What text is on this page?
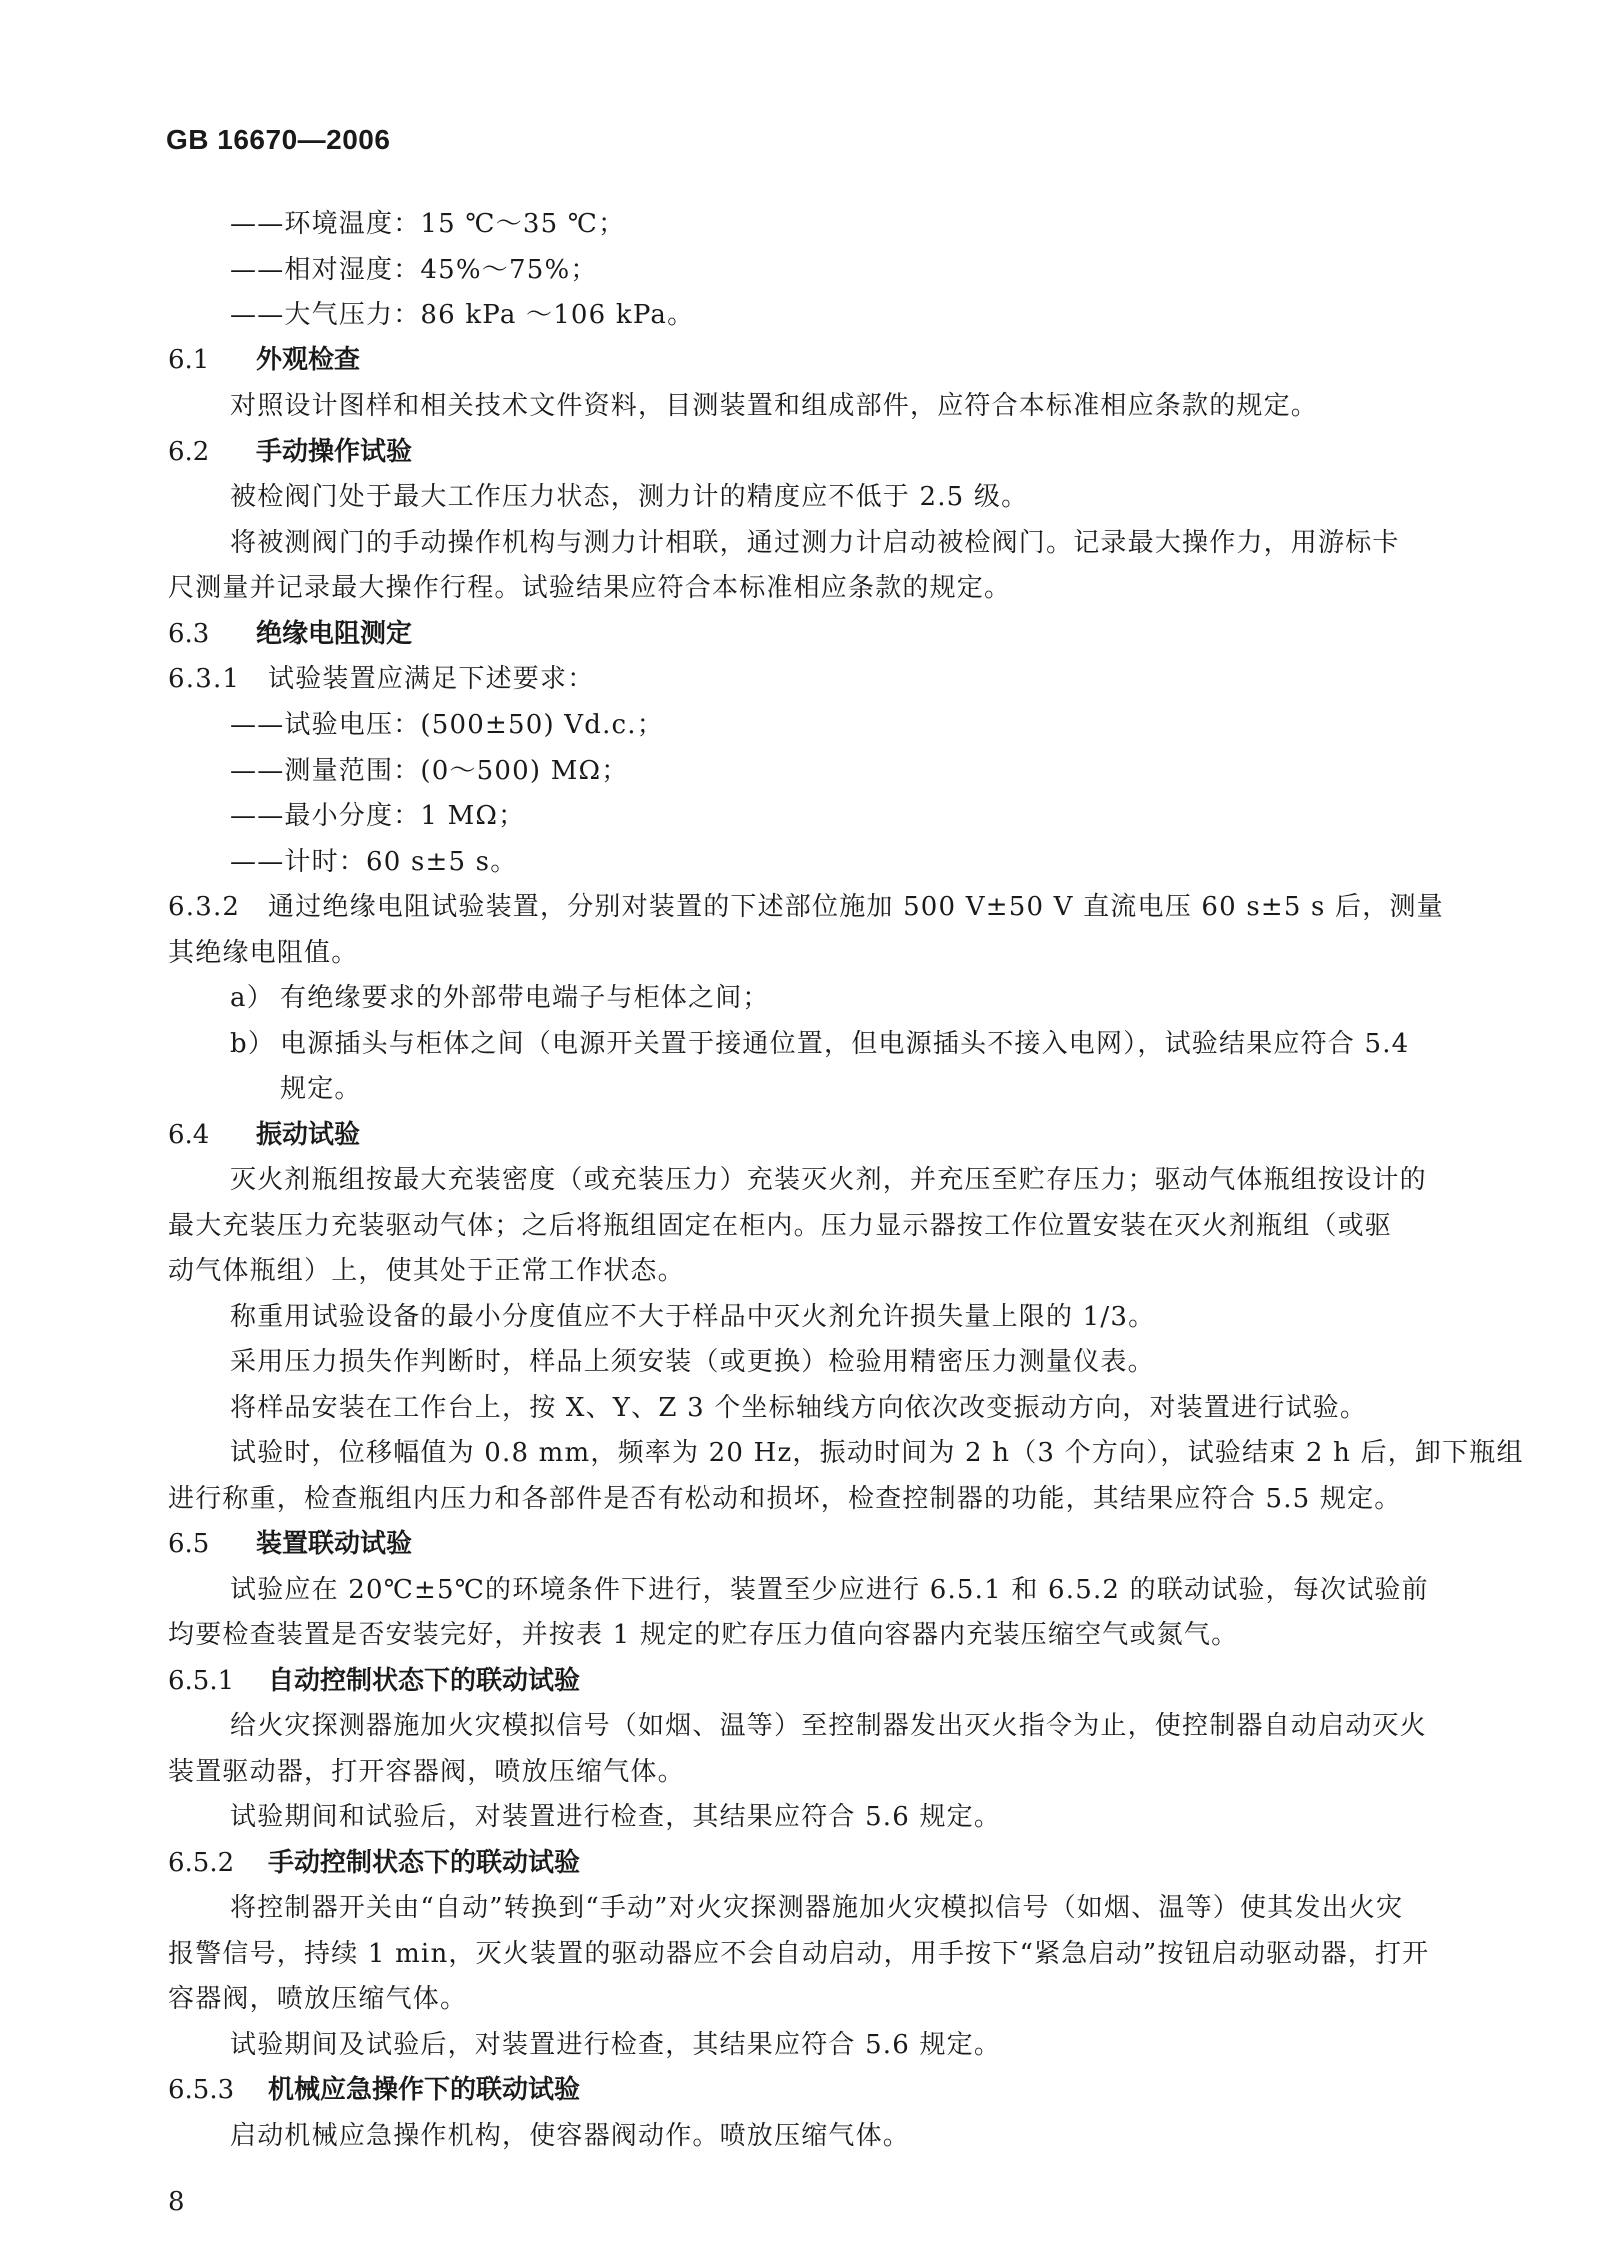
GB 16670—2006
——环境温度：15 ℃～35 ℃；
——相对湿度：45%～75%；
——大气压力：86 kPa ～106 kPa。
6.1 外观检查
对照设计图样和相关技术文件资料，目测装置和组成部件，应符合本标准相应条款的规定。
6.2 手动操作试验
被检阀门处于最大工作压力状态，测力计的精度应不低于 2.5 级。
将被测阀门的手动操作机构与测力计相联，通过测力计启动被检阀门。记录最大操作力，用游标卡
尺测量并记录最大操作行程。试验结果应符合本标准相应条款的规定。
6.3 绝缘电阻测定
6.3.1 试验装置应满足下述要求：
——试验电压：(500±50) Vd.c.；
——测量范围：(0～500) MΩ；
——最小分度：1 MΩ；
——计时：60 s±5 s。
6.3.2 通过绝缘电阻试验装置，分别对装置的下述部位施加 500 V±50 V 直流电压 60 s±5 s 后，测量
其绝缘电阻值。
a） 有绝缘要求的外部带电端子与柜体之间；
b） 电源插头与柜体之间（电源开关置于接通位置，但电源插头不接入电网），试验结果应符合 5.4
规定。
6.4 振动试验
灭火剂瓶组按最大充装密度（或充装压力）充装灭火剂，并充压至贮存压力；驱动气体瓶组按设计的
最大充装压力充装驱动气体；之后将瓶组固定在柜内。压力显示器按工作位置安装在灭火剂瓶组（或驱
动气体瓶组）上，使其处于正常工作状态。
称重用试验设备的最小分度值应不大于样品中灭火剂允许损失量上限的 1/3。
采用压力损失作判断时，样品上须安装（或更换）检验用精密压力测量仪表。
将样品安装在工作台上，按 X、Y、Z 3 个坐标轴线方向依次改变振动方向，对装置进行试验。
试验时，位移幅值为 0.8 mm，频率为 20 Hz，振动时间为 2 h（3 个方向），试验结束 2 h 后，卸下瓶组
进行称重，检查瓶组内压力和各部件是否有松动和损坏，检查控制器的功能，其结果应符合 5.5 规定。
6.5 装置联动试验
试验应在 20℃±5℃的环境条件下进行，装置至少应进行 6.5.1 和 6.5.2 的联动试验，每次试验前
均要检查装置是否安装完好，并按表 1 规定的贮存压力值向容器内充装压缩空气或氮气。
6.5.1 自动控制状态下的联动试验
给火灾探测器施加火灾模拟信号（如烟、温等）至控制器发出灭火指令为止，使控制器自动启动灭火
装置驱动器，打开容器阀，喷放压缩气体。
试验期间和试验后，对装置进行检查，其结果应符合 5.6 规定。
6.5.2 手动控制状态下的联动试验
将控制器开关由“自动”转换到“手动”对火灾探测器施加火灾模拟信号（如烟、温等）使其发出火灾
报警信号，持续 1 min，灭火装置的驱动器应不会自动启动，用手按下“紧急启动”按钮启动驱动器，打开
容器阀，喷放压缩气体。
试验期间及试验后，对装置进行检查，其结果应符合 5.6 规定。
6.5.3 机械应急操作下的联动试验
启动机械应急操作机构，使容器阀动作。喷放压缩气体。
8
